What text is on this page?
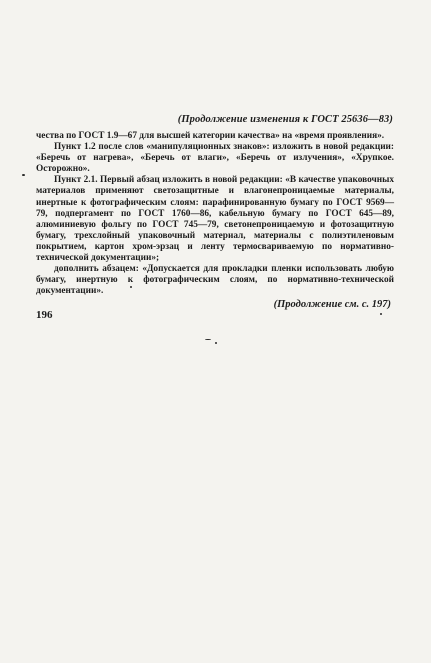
(Продолжение изменения к ГОСТ 25636—83)

чества по ГОСТ 1.9—67 для высшей категории качества» на «время проявления».

Пункт 1.2 после слов «манипуляционных знаков»: изложить в новой редакции: «Беречь от нагрева», «Беречь от влаги», «Беречь от излучения», «Хрупкое. Осторожно».

Пункт 2.1. Первый абзац изложить в новой редакции: «В качестве упаковочных материалов применяют светозащитные и влагонепроницаемые материалы, инертные к фотографическим слоям: парафинированную бумагу по ГОСТ 9569—79, подпергамент по ГОСТ 1760—86, кабельную бумагу по ГОСТ 645—89, алюминиевую фольгу по ГОСТ 745—79, светонепроницаемую и фотозащитную бумагу, трехслойный упаковочный материал, материалы с полиэтиленовым покрытием, картон хром-эрзац и ленту термосвариваемую по нормативно-технической документации»;

дополнить абзацем: «Допускается для прокладки пленки использовать любую бумагу, инертную к фотографическим слоям, по нормативно-технической документации».

(Продолжение см. с. 197)
196
